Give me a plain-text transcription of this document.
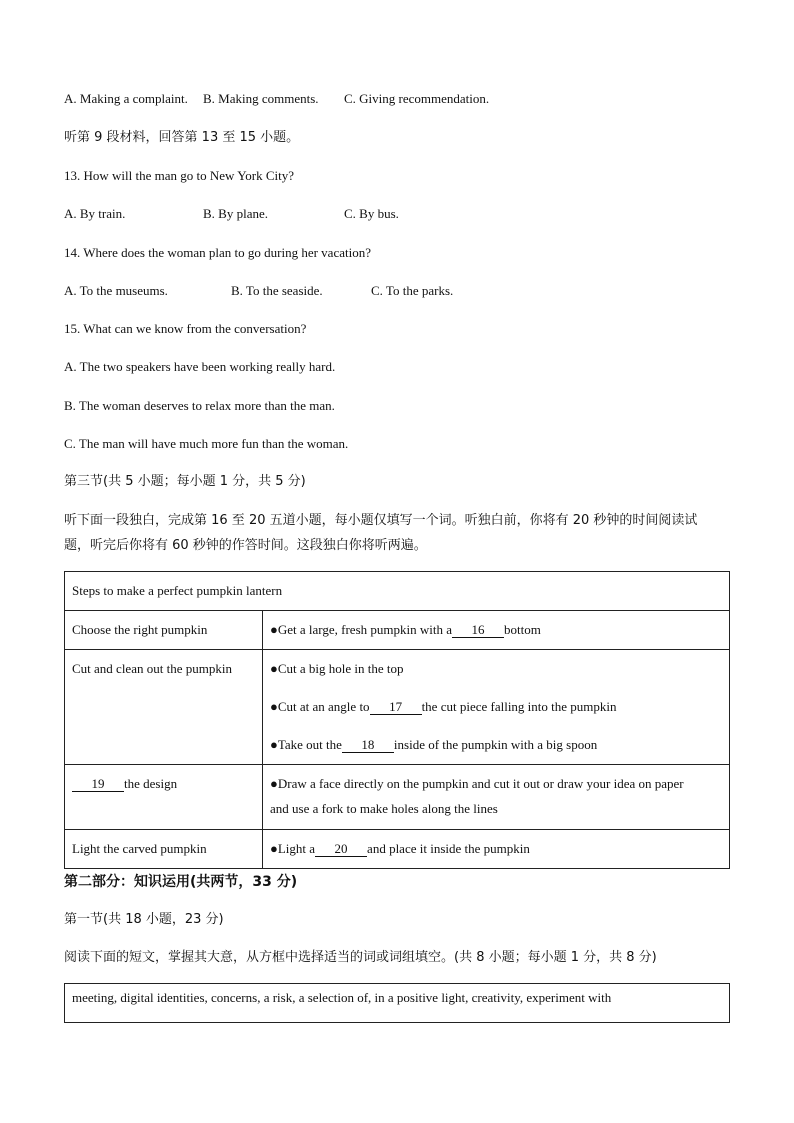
A. Making a complaint. B. Making comments. C. Giving recommendation.
听第 9 段材料，回答第 13 至 15 小题。
13. How will the man go to New York City?
A. By train.	B. By plane.	C. By bus.
14. Where does the woman plan to go during her vacation?
A. To the museums.	B. To the seaside.	C. To the parks.
15. What can we know from the conversation?
A. The two speakers have been working really hard.
B. The woman deserves to relax more than the man.
C. The man will have much more fun than the woman.
第三节(共 5 小题；每小题 1 分，共 5 分)
听下面一段独白，完成第 16 至 20 五道小题，每小题仅填写一个词。听独白前，你将有 20 秒钟的时间阅读试
题，听完后你将有 60 秒钟的作答时间。这段独白你将听两遍。
Steps to make a perfect pumpkin lantern	

Choose the right pumpkin	●Get a large, fresh pumpkin with a 16 bottom

Cut and clean out the pumpkin	●Cut a big hole in the top
●Cut at an angle to 17 the cut piece falling into the pumpkin
●Take out the 18 inside of the pumpkin with a big spoon

19 the design	●Draw a face directly on the pumpkin and cut it out or draw your idea on paper
and use a fork to make holes along the lines

Light the carved pumpkin	●Light a 20 and place it inside the pumpkin
第二部分：知识运用(共两节，33 分)
第一节(共 18 小题，23 分)
阅读下面的短文，掌握其大意，从方框中选择适当的词或词组填空。(共 8 小题；每小题 1 分，共 8 分)
meeting, digital identities, concerns, a risk, a selection of, in a positive light, creativity, experiment with
